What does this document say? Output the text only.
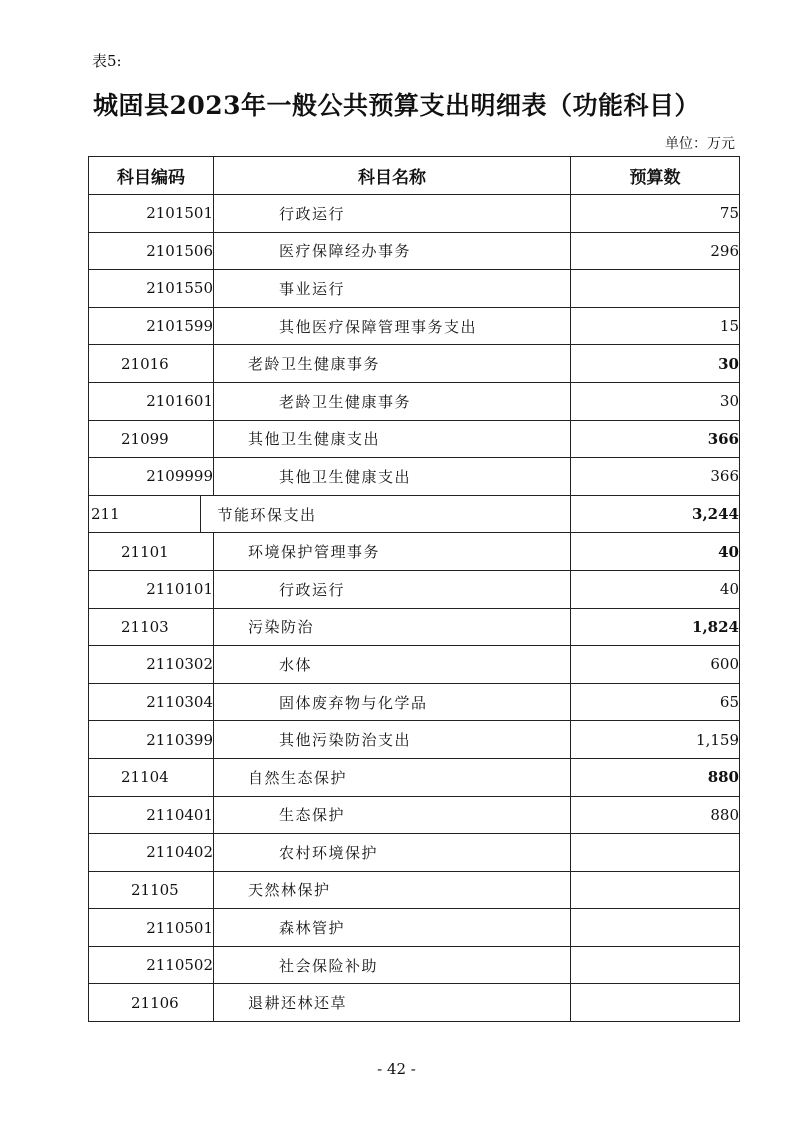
表5:
城固县2023年一般公共预算支出明细表（功能科目）
单位：万元
科目编码	科目名称	预算数
2101501	行政运行	75
2101506	医疗保障经办事务	296
2101550	事业运行	
2101599	其他医疗保障管理事务支出	15
21016	老龄卫生健康事务	30
2101601	老龄卫生健康事务	30
21099	其他卫生健康支出	366
2109999	其他卫生健康支出	366
211	节能环保支出	3,244
21101	环境保护管理事务	40
2110101	行政运行	40
21103	污染防治	1,824
2110302	水体	600
2110304	固体废弃物与化学品	65
2110399	其他污染防治支出	1,159
21104	自然生态保护	880
2110401	生态保护	880
2110402	农村环境保护	
21105	天然林保护	
2110501	森林管护	
2110502	社会保险补助	
21106	退耕还林还草	
- 42 -
